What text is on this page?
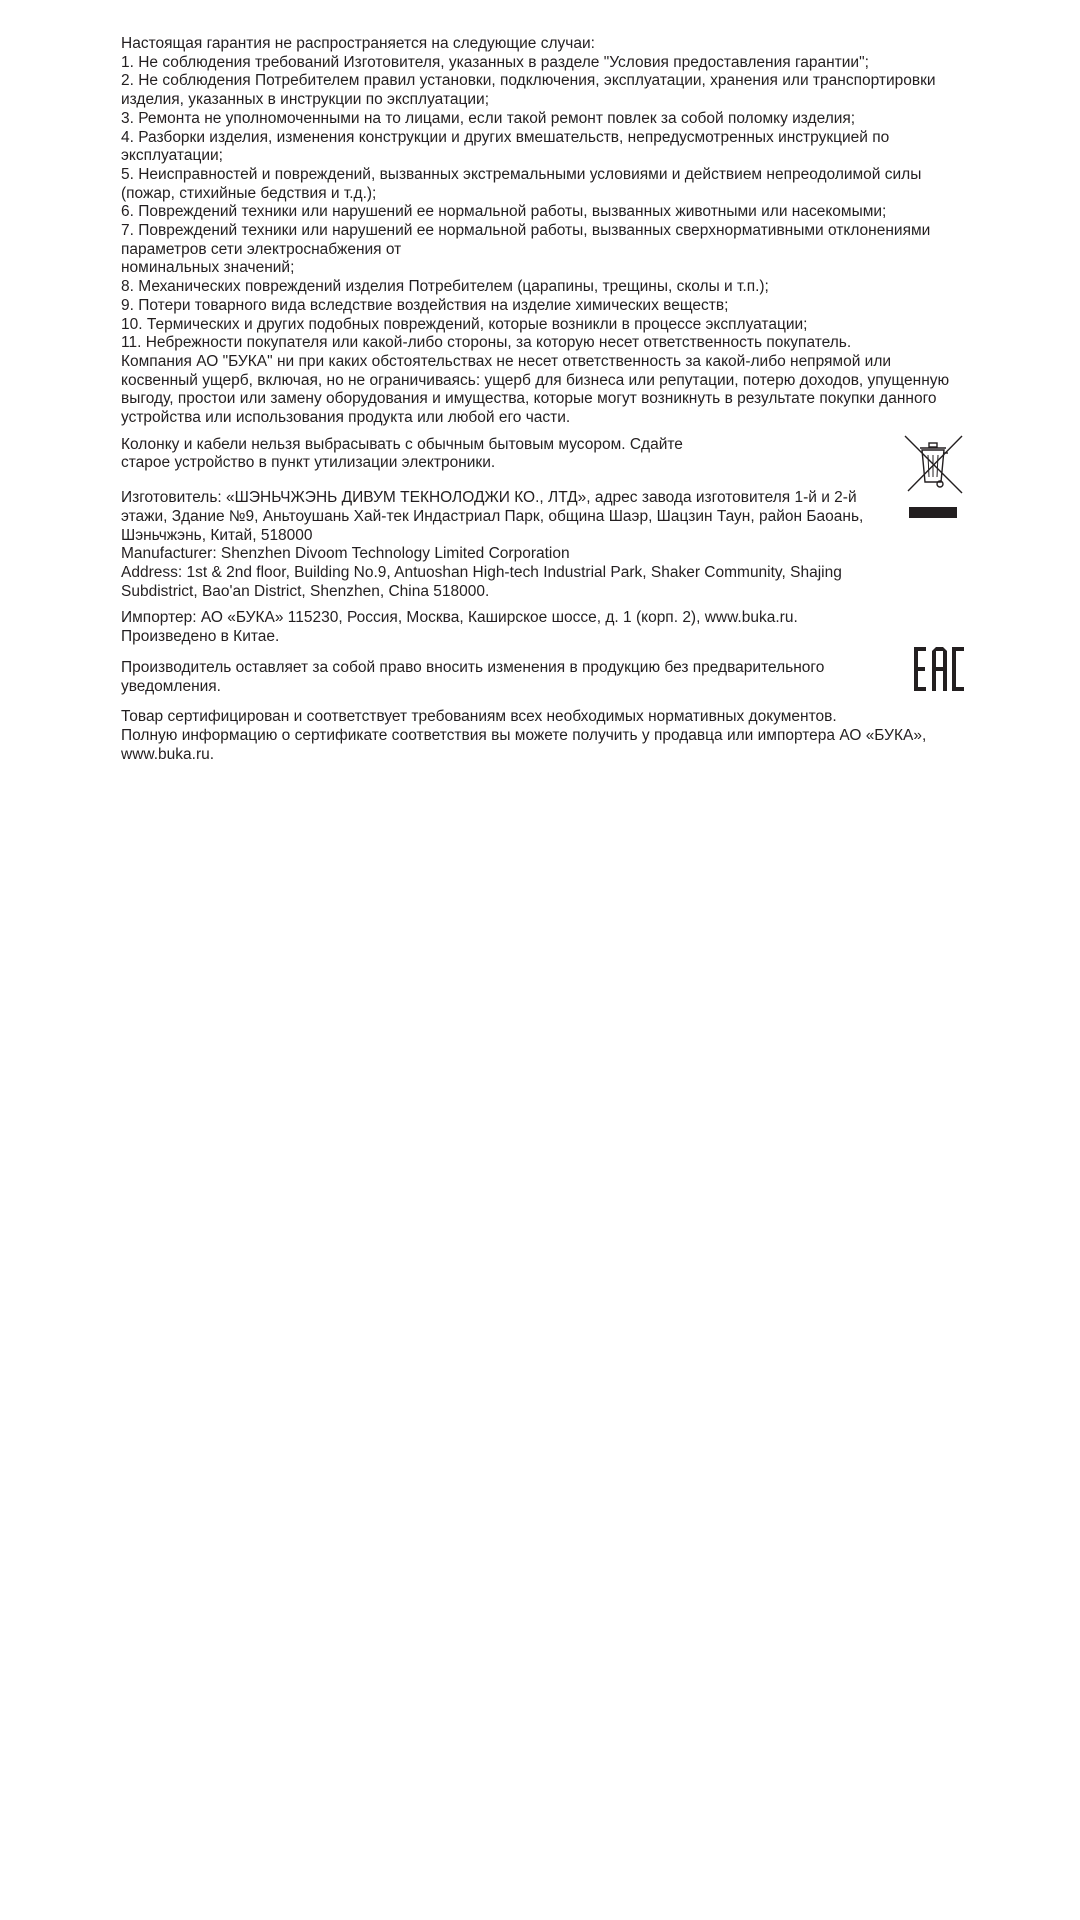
Настоящая гарантия не распространяется на следующие случаи:
1. Не соблюдения требований Изготовителя, указанных в разделе "Условия предоставления гарантии";
2. Не соблюдения Потребителем правил установки, подключения, эксплуатации, хранения или транспортировки
изделия, указанных в инструкции по эксплуатации;
3. Ремонта не уполномоченными на то лицами, если такой ремонт повлек за собой поломку изделия;
4. Разборки изделия, изменения конструкции и других вмешательств, непредусмотренных инструкцией по
эксплуатации;
5. Неисправностей и повреждений, вызванных экстремальными условиями и действием непреодолимой силы
(пожар, стихийные бедствия и т.д.);
6. Повреждений техники или нарушений ее нормальной работы, вызванных животными или насекомыми;
7. Повреждений техники или нарушений ее нормальной работы, вызванных сверхнормативными отклонениями
параметров сети электроснабжения от
номинальных значений;
8. Механических повреждений изделия Потребителем (царапины, трещины, сколы и т.п.);
9. Потери товарного вида вследствие воздействия на изделие химических веществ;
10. Термических и других подобных повреждений, которые возникли в процессе эксплуатации;
11. Небрежности покупателя или какой-либо стороны, за которую несет ответственность покупатель.
Компания АО "БУКА" ни при каких обстоятельствах не несет ответственность за какой-либо непрямой или
косвенный ущерб, включая, но не ограничиваясь: ущерб для бизнеса или репутации, потерю доходов, упущенную
выгоду, простои или замену оборудования и имущества, которые могут возникнуть в результате покупки данного
устройства или использования продукта или любой его части.
Колонку и кабели нельзя выбрасывать с обычным бытовым мусором. Сдайте
старое устройство в пункт утилизации электроники.
Изготовитель: «ШЭНЬЧЖЭНЬ ДИВУМ ТЕКНОЛОДЖИ КО., ЛТД», адрес завода изготовителя 1-й и 2-й
этажи, Здание №9, Аньтоушань Хай-тек Индастриал Парк, община Шаэр, Шацзин Таун, район Баоань,
Шэньчжэнь, Китай, 518000
Manufacturer: Shenzhen Divoom Technology Limited Corporation
Address: 1st & 2nd floor, Building No.9, Antuoshan High-tech Industrial Park, Shaker Community, Shajing
Subdistrict, Bao'an District, Shenzhen, China 518000.
Импортер: АО «БУКА» 115230, Россия, Москва, Каширское шоссе, д. 1 (корп. 2), www.buka.ru.
Произведено в Китае.
Производитель оставляет за собой право вносить изменения в продукцию без предварительного
уведомления.
Товар сертифицирован и соответствует требованиям всех необходимых нормативных документов.
Полную информацию о сертификате соответствия вы можете получить у продавца или импортера АО «БУКА»,
www.buka.ru.
